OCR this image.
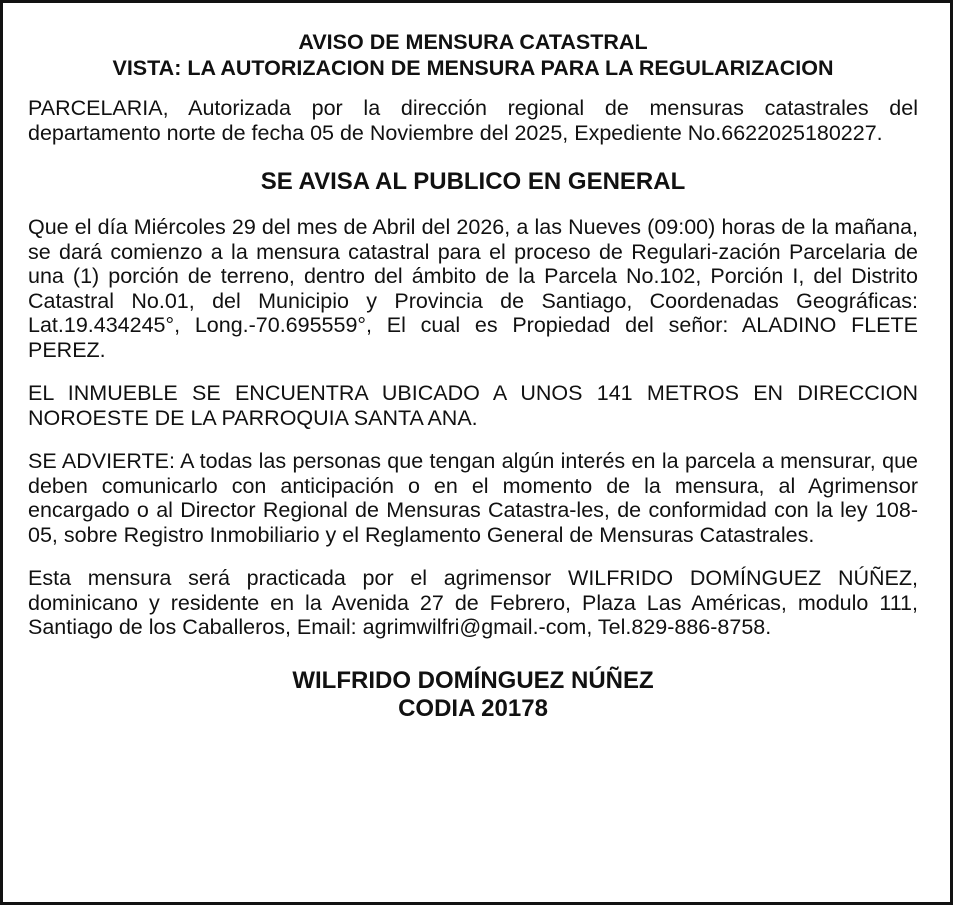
AVISO DE MENSURA CATASTRAL
VISTA: LA AUTORIZACION DE MENSURA PARA LA REGULARIZACION

PARCELARIA, Autorizada por la dirección regional de mensuras catastrales del departamento norte de fecha 05 de Noviembre del 2025, Expediente No.6622025180227.

SE AVISA AL PUBLICO EN GENERAL

Que el día Miércoles 29 del mes de Abril del 2026, a las Nueves (09:00) horas de la mañana, se dará comienzo a la mensura catastral para el proceso de Regulari-zación Parcelaria de una (1) porción de terreno, dentro del ámbito de la Parcela No.102, Porción I, del Distrito Catastral No.01, del Municipio y Provincia de Santiago, Coordenadas Geográficas: Lat.19.434245°, Long.-70.695559°, El cual es Propiedad del señor: ALADINO FLETE PEREZ.

EL INMUEBLE SE ENCUENTRA UBICADO A UNOS 141 METROS EN DIRECCION NOROESTE DE LA PARROQUIA SANTA ANA.

SE ADVIERTE: A todas las personas que tengan algún interés en la parcela a mensurar, que deben comunicarlo con anticipación o en el momento de la mensura, al Agrimensor encargado o al Director Regional de Mensuras Catastra-les, de conformidad con la ley 108-05, sobre Registro Inmobiliario y el Reglamento General de Mensuras Catastrales.

Esta mensura será practicada por el agrimensor WILFRIDO DOMÍNGUEZ NÚÑEZ, dominicano y residente en la Avenida 27 de Febrero, Plaza Las Américas, modulo 111, Santiago de los Caballeros, Email: agrimwilfri@gmail.-com, Tel.829-886-8758.

WILFRIDO DOMÍNGUEZ NÚÑEZ
CODIA 20178
